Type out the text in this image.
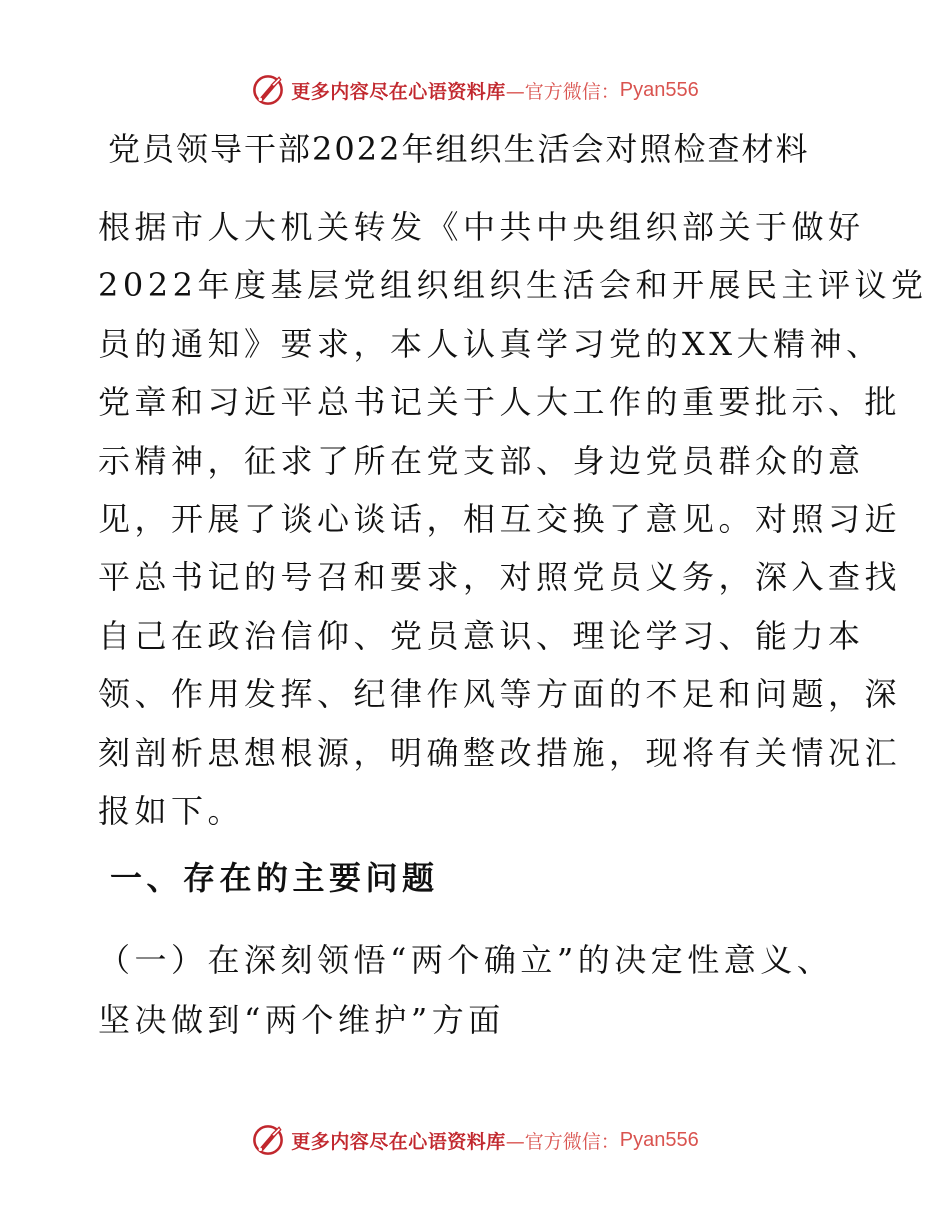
更多内容尽在心语资料库 —官方微信： Pyan556
党员领导干部2022年组织生活会对照检查材料

根据市人大机关转发《中共中央组织部关于做好
2022年度基层党组织组织生活会和开展民主评议党
员的通知》要求，本人认真学习党的XX大精神、
党章和习近平总书记关于人大工作的重要批示、批
示精神，征求了所在党支部、身边党员群众的意
见，开展了谈心谈话，相互交换了意见。对照习近
平总书记的号召和要求，对照党员义务，深入查找
自己在政治信仰、党员意识、理论学习、能力本
领、作用发挥、纪律作风等方面的不足和问题，深
刻剖析思想根源，明确整改措施，现将有关情况汇
报如下。

一、存在的主要问题

（一）在深刻领悟“两个确立”的决定性意义、
坚决做到“两个维护”方面

更多内容尽在心语资料库 —官方微信： Pyan556
